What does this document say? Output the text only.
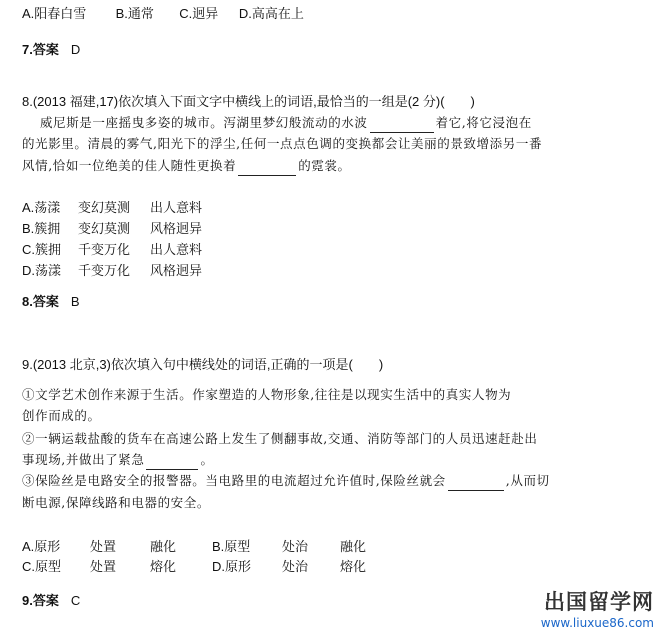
A.阳春白雪 B.通常 C.迥异 D.高高在上
7.答案 D
8.(2013 福建,17)依次填入下面文字中横线上的词语,最恰当的一组是(2 分)(　　)
威尼斯是一座摇曳多姿的城市。泻湖里梦幻般流动的水波	着它,将它浸泡在
的光影里。清晨的雾气,阳光下的浮尘,任何一点点色调的变换都会让美丽的景致增添另一番
风情,恰如一位绝美的佳人随性更换着	的霓裳。
A.荡漾 变幻莫测 出人意料
B.簇拥 变幻莫测 风格迥异
C.簇拥 千变万化 出人意料
D.荡漾 千变万化 风格迥异
8.答案 B
9.(2013 北京,3)依次填入句中横线处的词语,正确的一项是(　　)
①文学艺术创作来源于生活。作家塑造的人物形象,往往是以现实生活中的真实人物为
创作而成的。
②一辆运载盐酸的货车在高速公路上发生了侧翻事故,交通、消防等部门的人员迅速赶赴出
事现场,并做出了紧急	。
③保险丝是电路安全的报警器。当电路里的电流超过允许值时,保险丝就会	,从而切
断电源,保障线路和电器的安全。
A.原形 处置	融化	B.原型 处治 融化
C.原型 处置	熔化	D.原形 处治 熔化
9.答案 C	出国留学网
www.liuxue86.com
